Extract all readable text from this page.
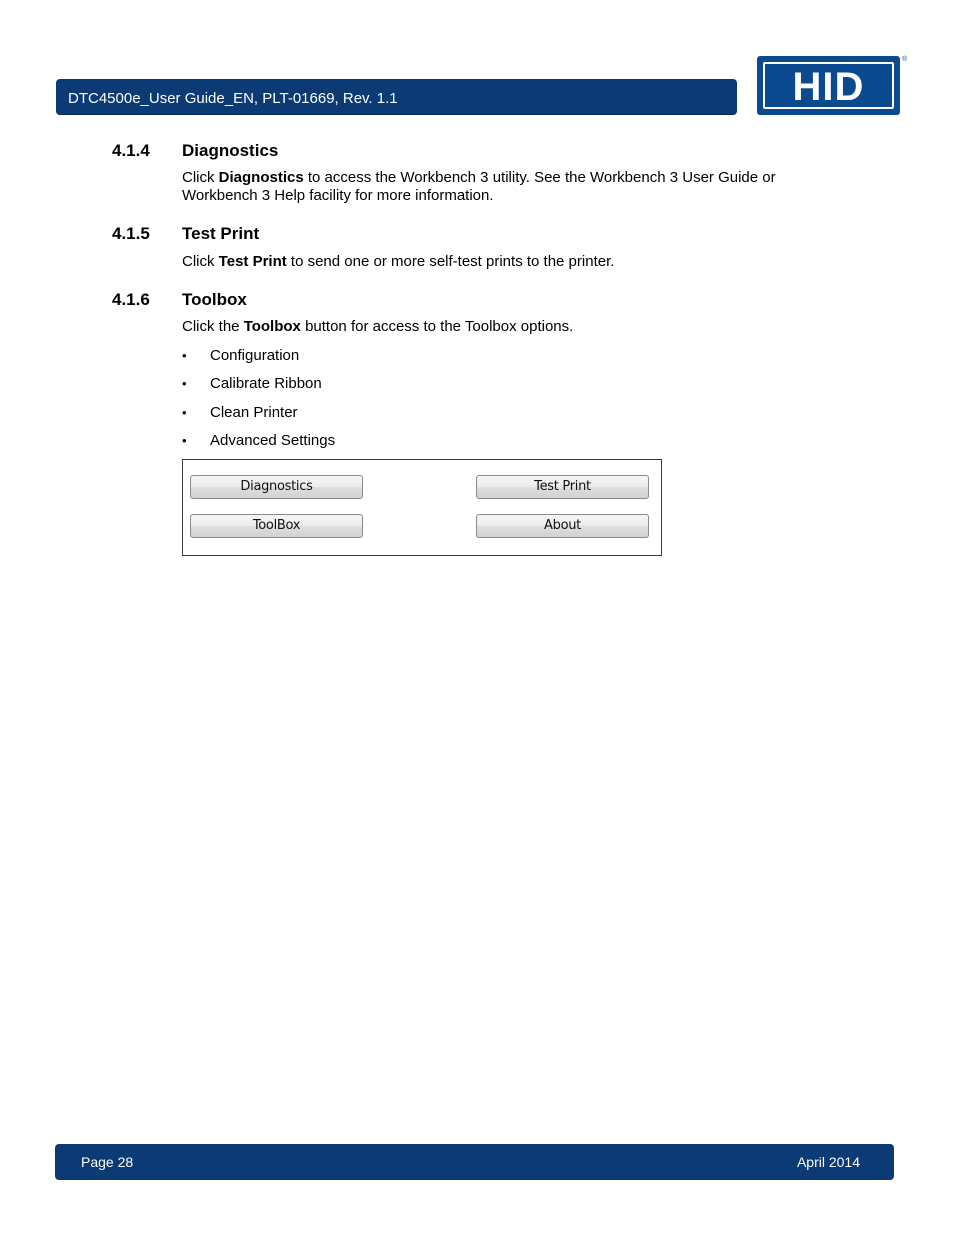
DTC4500e_User Guide_EN, PLT-01669, Rev. 1.1	HID
®
4.1.4 Diagnostics
Click Diagnostics to access the Workbench 3 utility. See the Workbench 3 User Guide or Workbench 3 Help facility for more information.
4.1.5 Test Print
Click Test Print to send one or more self-test prints to the printer.
4.1.6 Toolbox
Click the Toolbox button for access to the Toolbox options.
• Configuration
• Calibrate Ribbon
• Clean Printer
• Advanced Settings
Diagnostics	Test Print
ToolBox	About
Page 28	April 2014
